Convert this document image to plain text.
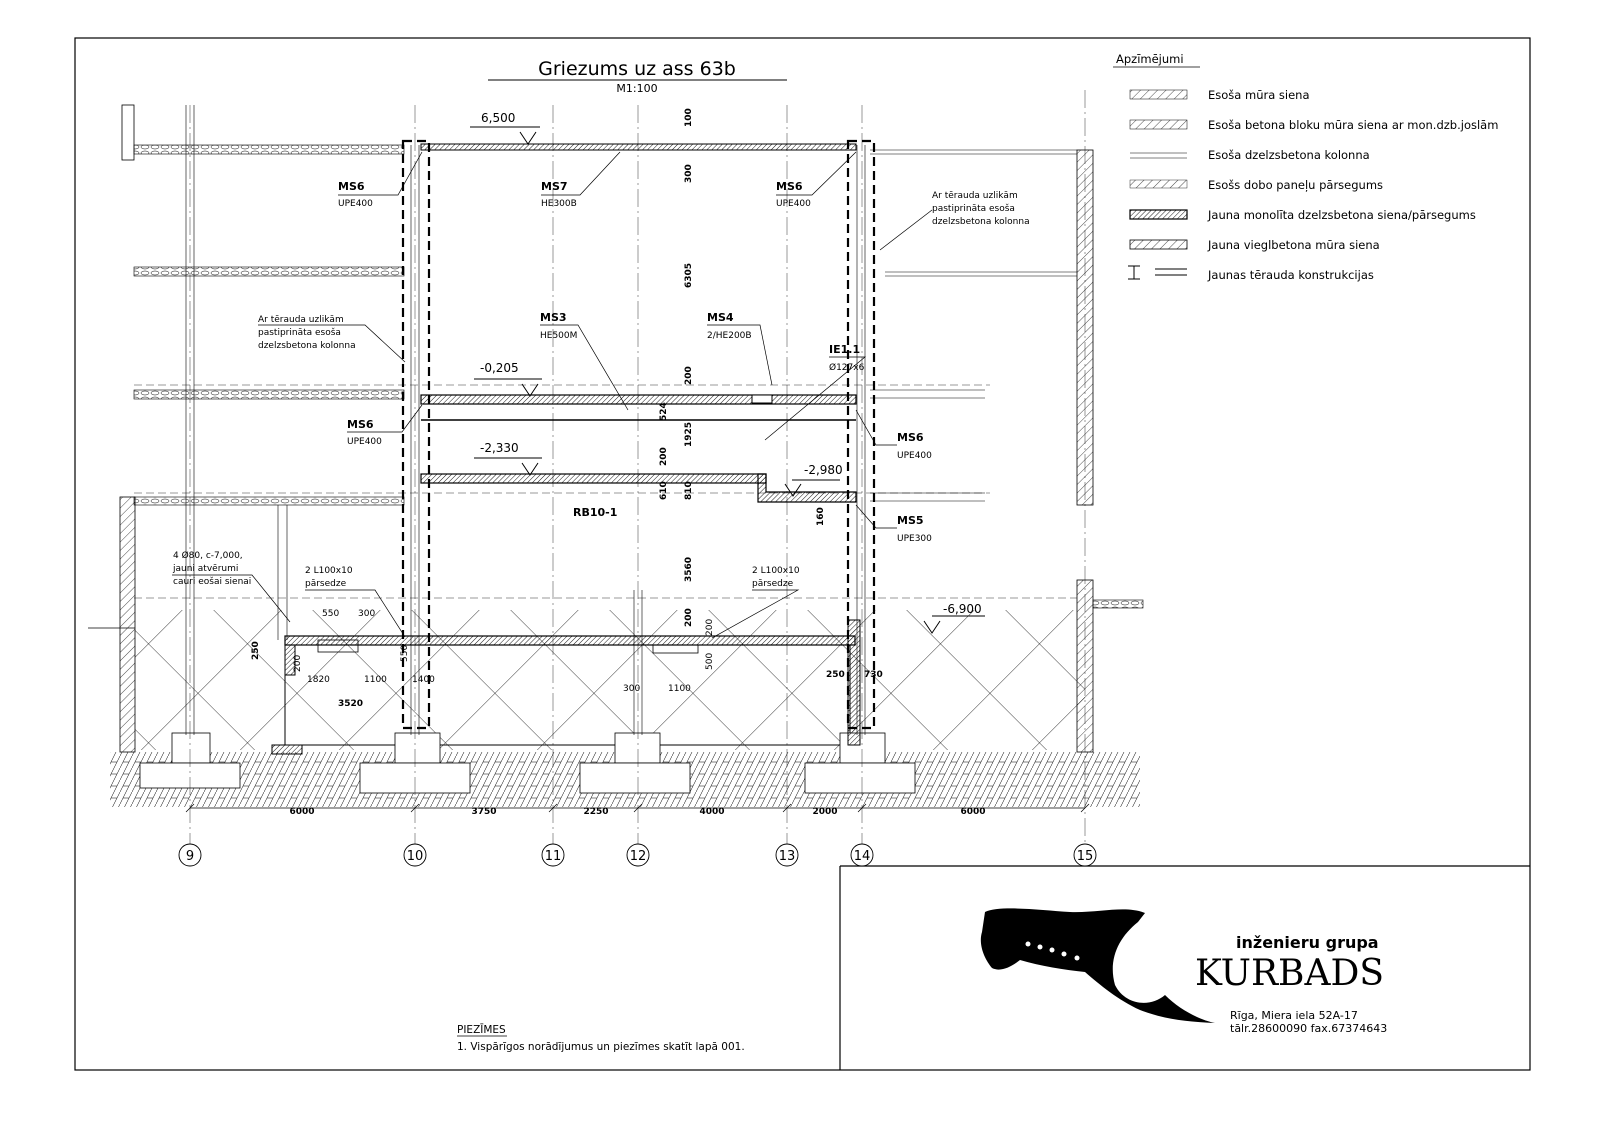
Griezums uz ass 63b
M1:100
Apzīmējumi
Esoša mūra siena
Esoša betona bloku mūra siena ar mon.dzb.joslām
Esoša dzelzsbetona kolonna
Esošs dobo paneļu pārsegums
Jauna monolīta dzelzsbetona siena/pārsegums
Jauna vieglbetona mūra siena
Jaunas tērauda konstrukcijas
MS6
UPE400
MS7
HE300B
MS6
UPE400
Ar tērauda uzlikām
pastiprināta esoša
dzelzsbetona kolonna
Ar tērauda uzlikām
pastiprināta esoša
dzelzsbetona kolonna
MS3
HE500M
MS4
2/HE200B
IE1.1
Ø127x6
MS6
UPE400	MS6
UPE400
MS5
UPE300
RB10-1
4 Ø80, c-7,000,
jauni atvērumi
cauri eošai sienai
2 L100x10
pārsedze
2 L100x10
pārsedze
6,500
-0,205
-2,330
-2,980
-6,900
100
300
6305
200
524
1925
200
610 810
160
3560
200
550 300
200
550
1820	1100	1400
3520
250
200
500
300	1100
250 730
6000	3750	2250	4000	2000	6000
9	10	11	12	13	14	15
PIEZĪMES
1. Vispārīgos norādījumus un piezīmes skatīt lapā 001.
inženieru grupa
KURBADS
Rīga, Miera iela 52A-17
tālr.28600090 fax.67374643
